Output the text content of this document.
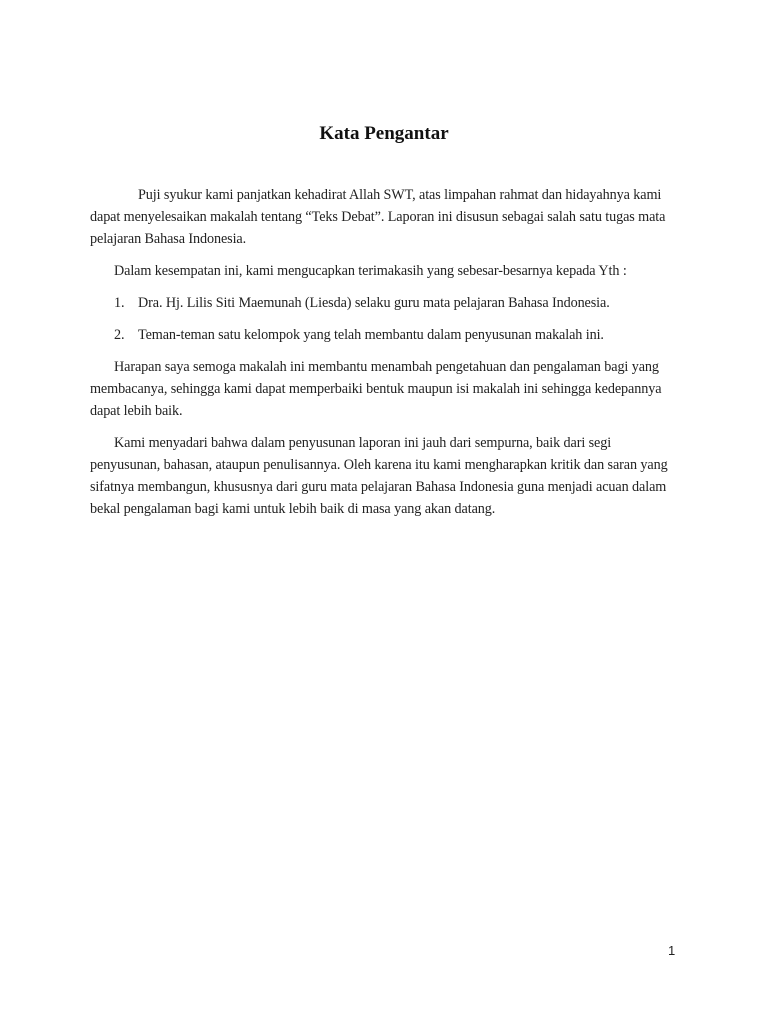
Kata Pengantar

Puji syukur kami panjatkan kehadirat Allah SWT, atas limpahan rahmat dan hidayahnya kami dapat menyelesaikan makalah tentang “Teks Debat”. Laporan ini disusun sebagai salah satu tugas mata pelajaran Bahasa Indonesia.

Dalam kesempatan ini, kami mengucapkan terimakasih yang sebesar-besarnya kepada Yth :

1. Dra. Hj. Lilis Siti Maemunah (Liesda) selaku guru mata pelajaran Bahasa Indonesia.
2. Teman-teman satu kelompok yang telah membantu dalam penyusunan makalah ini.

Harapan saya semoga makalah ini membantu menambah pengetahuan dan pengalaman bagi yang membacanya, sehingga kami dapat memperbaiki bentuk maupun isi makalah ini sehingga kedepannya dapat lebih baik.

Kami menyadari bahwa dalam penyusunan laporan ini jauh dari sempurna, baik dari segi penyusunan, bahasan, ataupun penulisannya. Oleh karena itu kami mengharapkan kritik dan saran yang sifatnya membangun, khususnya dari guru mata pelajaran Bahasa Indonesia guna menjadi acuan dalam bekal pengalaman bagi kami untuk lebih baik di masa yang akan datang.

1
